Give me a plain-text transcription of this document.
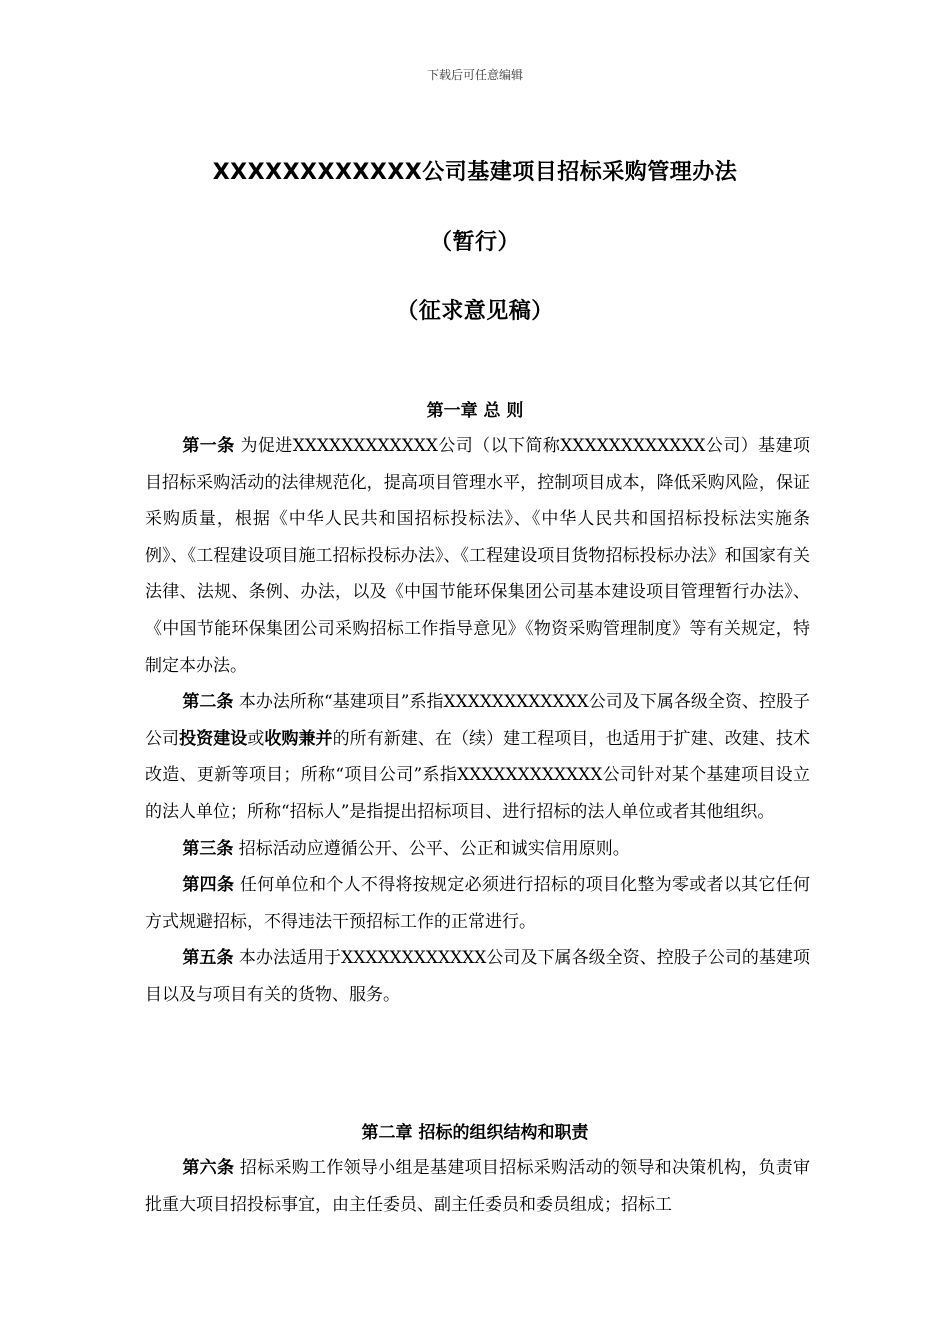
下载后可任意编辑
XXXXXXXXXXXX公司基建项目招标采购管理办法
（暂行）
（征求意见稿）
第一章 总 则

第一条 为促进XXXXXXXXXXXX公司（以下简称XXXXXXXXXXXX公司）基建项目招标采购活动的法律规范化，提高项目管理水平，控制项目成本，降低采购风险，保证采购质量，根据《中华人民共和国招标投标法》、《中华人民共和国招标投标法实施条例》、《工程建设项目施工招标投标办法》、《工程建设项目货物招标投标办法》和国家有关法律、法规、条例、办法，以及《中国节能环保集团公司基本建设项目管理暂行办法》、《中国节能环保集团公司采购招标工作指导意见》《物资采购管理制度》等有关规定，特制定本办法。

第二条 本办法所称“基建项目”系指XXXXXXXXXXXX公司及下属各级全资、控股子公司投资建设或收购兼并的所有新建、在（续）建工程项目，也适用于扩建、改建、技术改造、更新等项目；所称“项目公司”系指XXXXXXXXXXXX公司针对某个基建项目设立的法人单位；所称“招标人”是指提出招标项目、进行招标的法人单位或者其他组织。

第三条 招标活动应遵循公开、公平、公正和诚实信用原则。

第四条 任何单位和个人不得将按规定必须进行招标的项目化整为零或者以其它任何方式规避招标，不得违法干预招标工作的正常进行。

第五条 本办法适用于XXXXXXXXXXXX公司及下属各级全资、控股子公司的基建项目以及与项目有关的货物、服务。

第二章 招标的组织结构和职责

第六条 招标采购工作领导小组是基建项目招标采购活动的领导和决策机构，负责审批重大项目招投标事宜，由主任委员、副主任委员和委员组成；招标工
